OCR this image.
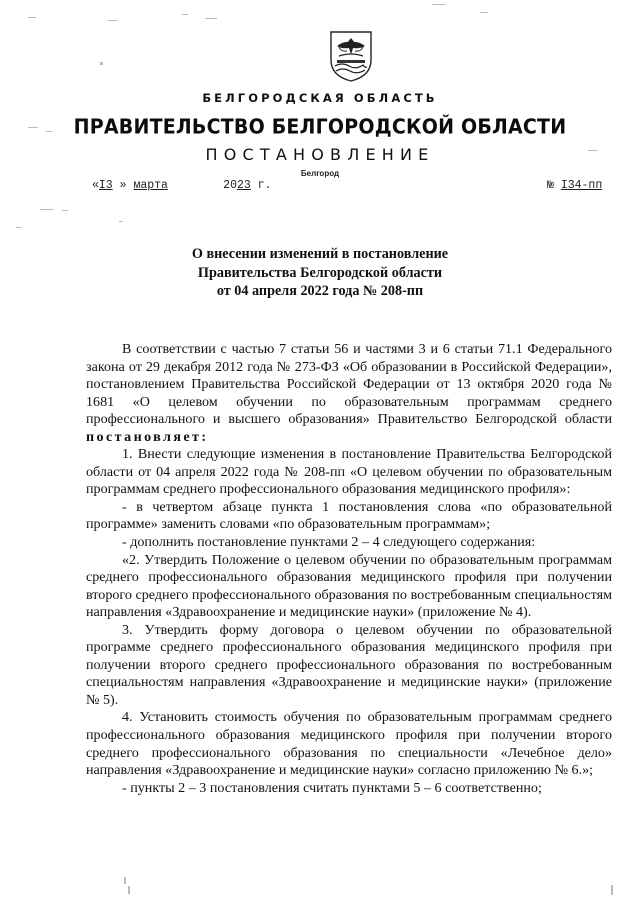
БЕЛГОРОДСКАЯ ОБЛАСТЬ
ПРАВИТЕЛЬСТВО БЕЛГОРОДСКОЙ ОБЛАСТИ
ПОСТАНОВЛЕНИЕ
Белгород
«I3 » марта	2023 г.	№ I34-пп
О внесении изменений в постановление
Правительства Белгородской области
от 04 апреля 2022 года № 208-пп

В соответствии с частью 7 статьи 56 и частями 3 и 6 статьи 71.1 Федерального закона от 29 декабря 2012 года № 273-ФЗ «Об образовании в Российской Федерации», постановлением Правительства Российской Федерации от 13 октября 2020 года № 1681 «О целевом обучении по образовательным программам среднего профессионального и высшего образования» Правительство Белгородской области постановляет:

1. Внести следующие изменения в постановление Правительства Белгородской области от 04 апреля 2022 года № 208-пп «О целевом обучении по образовательным программам среднего профессионального образования медицинского профиля»:

- в четвертом абзаце пункта 1 постановления слова «по образовательной программе» заменить словами «по образовательным программам»;

- дополнить постановление пунктами 2 – 4 следующего содержания:

«2. Утвердить Положение о целевом обучении по образовательным программам среднего профессионального образования медицинского профиля при получении второго среднего профессионального образования по востребованным специальностям направления «Здравоохранение и медицинские науки» (приложение № 4).

3. Утвердить форму договора о целевом обучении по образовательной программе среднего профессионального образования медицинского профиля при получении второго среднего профессионального образования по востребованным специальностям направления «Здравоохранение и медицинские науки» (приложение № 5).

4. Установить стоимость обучения по образовательным программам среднего профессионального образования медицинского профиля при получении второго среднего профессионального образования по специальности «Лечебное дело» направления «Здравоохранение и медицинские науки» согласно приложению № 6.»;

- пункты 2 – 3 постановления считать пунктами 5 – 6 соответственно;
